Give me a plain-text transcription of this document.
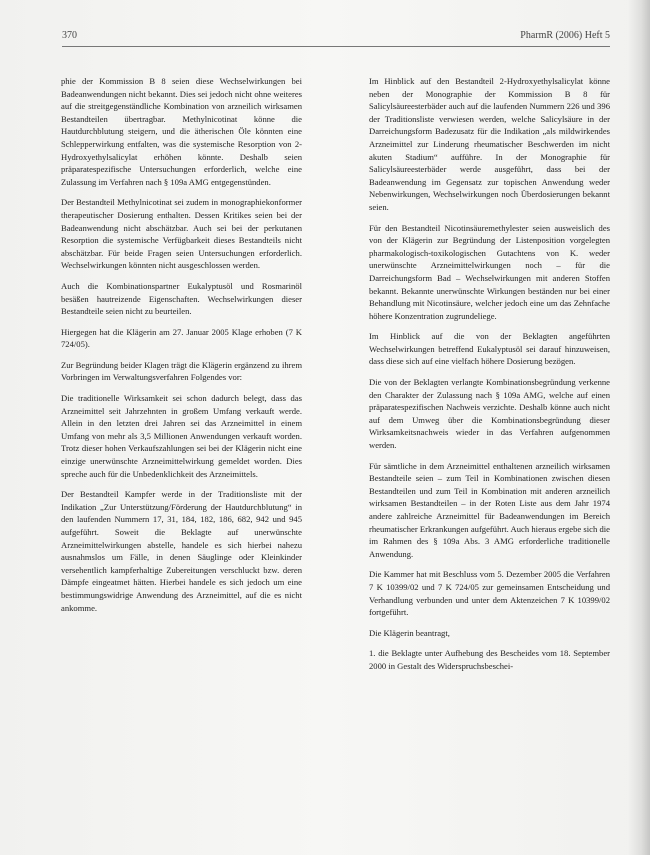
370	PharmR (2006) Heft 5

phie der Kommission B 8 seien diese Wechselwirkungen bei Badeanwendungen nicht bekannt. Dies sei jedoch nicht ohne weiteres auf die streitgegenständliche Kombination von arzneilich wirksamen Bestandteilen übertragbar. Methylnicotinat könne die Hautdurchblutung steigern, und die ätherischen Öle könnten eine Schlepperwirkung entfalten, was die systemische Resorption von 2-Hydroxyethylsalicylat erhöhen könnte. Deshalb seien präparatespezifische Untersuchungen erforderlich, welche eine Zulassung im Verfahren nach § 109a AMG entgegenstünden.

Der Bestandteil Methylnicotinat sei zudem in monographiekonformer therapeutischer Dosierung enthalten. Dessen Kritikes seien bei der Badeanwendung nicht abschätzbar. Auch sei bei der perkutanen Resorption die systemische Verfügbarkeit dieses Bestandteils nicht abschätzbar. Für beide Fragen seien Untersuchungen erforderlich. Wechselwirkungen könnten nicht ausgeschlossen werden.

Auch die Kombinationspartner Eukalyptusöl und Rosmarinöl besäßen hautreizende Eigenschaften. Wechselwirkungen dieser Bestandteile seien nicht zu beurteilen.

Hiergegen hat die Klägerin am 27. Januar 2005 Klage erhoben (7 K 724/05).

Zur Begründung beider Klagen trägt die Klägerin ergänzend zu ihrem Vorbringen im Verwaltungsverfahren Folgendes vor:

Die traditionelle Wirksamkeit sei schon dadurch belegt, dass das Arzneimittel seit Jahrzehnten in großem Umfang verkauft werde. Allein in den letzten drei Jahren sei das Arzneimittel in einem Umfang von mehr als 3,5 Millionen Anwendungen verkauft worden. Trotz dieser hohen Verkaufszahlungen sei bei der Klägerin nicht eine einzige unerwünschte Arzneimittelwirkung gemeldet worden. Dies spreche auch für die Unbedenklichkeit des Arzneimittels.

Der Bestandteil Kampfer werde in der Traditionsliste mit der Indikation „Zur Unterstützung/Förderung der Hautdurchblutung“ in den laufenden Nummern 17, 31, 184, 182, 186, 682, 942 und 945 aufgeführt. Soweit die Beklagte auf unerwünschte Arzneimittelwirkungen abstelle, handele es sich hierbei nahezu ausnahmslos um Fälle, in denen Säuglinge oder Kleinkinder versehentlich kampferhaltige Zubereitungen verschluckt bzw. deren Dämpfe eingeatmet hätten. Hierbei handele es sich jedoch um eine bestimmungswidrige Anwendung des Arzneimittel, auf die es nicht ankomme.

Im Hinblick auf den Bestandteil 2-Hydroxyethylsalicylat könne neben der Monographie der Kommission B 8 für Salicylsäureesterbäder auch auf die laufenden Nummern 226 und 396 der Traditionsliste verwiesen werden, welche Salicylsäure in der Darreichungsform Badezusatz für die Indikation „als mildwirkendes Arzneimittel zur Linderung rheumatischer Beschwerden im nicht akuten Stadium“ aufführe. In der Monographie für Salicylsäureesterbäder werde ausgeführt, dass bei der Badeanwendung im Gegensatz zur topischen Anwendung weder Nebenwirkungen, Wechselwirkungen noch Überdosierungen bekannt seien.

Für den Bestandteil Nicotinsäuremethylester seien ausweislich des von der Klägerin zur Begründung der Listenposition vorgelegten pharmakologisch-toxikologischen Gutachtens von K. weder unerwünschte Arzneimittelwirkungen noch – für die Darreichungsform Bad – Wechselwirkungen mit anderen Stoffen bekannt. Bekannte unerwünschte Wirkungen beständen nur bei einer Behandlung mit Nicotinsäure, welcher jedoch eine um das Zehnfache höhere Konzentration zugrundeliege.

Im Hinblick auf die von der Beklagten angeführten Wechselwirkungen betreffend Eukalyptusöl sei darauf hinzuweisen, dass diese sich auf eine vielfach höhere Dosierung bezögen.

Die von der Beklagten verlangte Kombinationsbegründung verkenne den Charakter der Zulassung nach § 109a AMG, welche auf einen präparatespezifischen Nachweis verzichte. Deshalb könne auch nicht auf dem Umweg über die Kombinationsbegründung dieser Wirksamkeitsnachweis wieder in das Verfahren aufgenommen werden.

Für sämtliche in dem Arzneimittel enthaltenen arzneilich wirksamen Bestandteile seien – zum Teil in Kombinationen zwischen diesen Bestandteilen und zum Teil in Kombination mit anderen arzneilich wirksamen Bestandteilen – in der Roten Liste aus dem Jahr 1974 andere zahlreiche Arzneimittel für Badeanwendungen im Bereich rheumatischer Erkrankungen aufgeführt. Auch hieraus ergebe sich die im Rahmen des § 109a Abs. 3 AMG erforderliche traditionelle Anwendung.

Die Kammer hat mit Beschluss vom 5. Dezember 2005 die Verfahren 7 K 10399/02 und 7 K 724/05 zur gemeinsamen Entscheidung und Verhandlung verbunden und unter dem Aktenzeichen 7 K 10399/02 fortgeführt.

Die Klägerin beantragt,

1. die Beklagte unter Aufhebung des Bescheides vom 18. September 2000 in Gestalt des Widerspruchsbeschei-
